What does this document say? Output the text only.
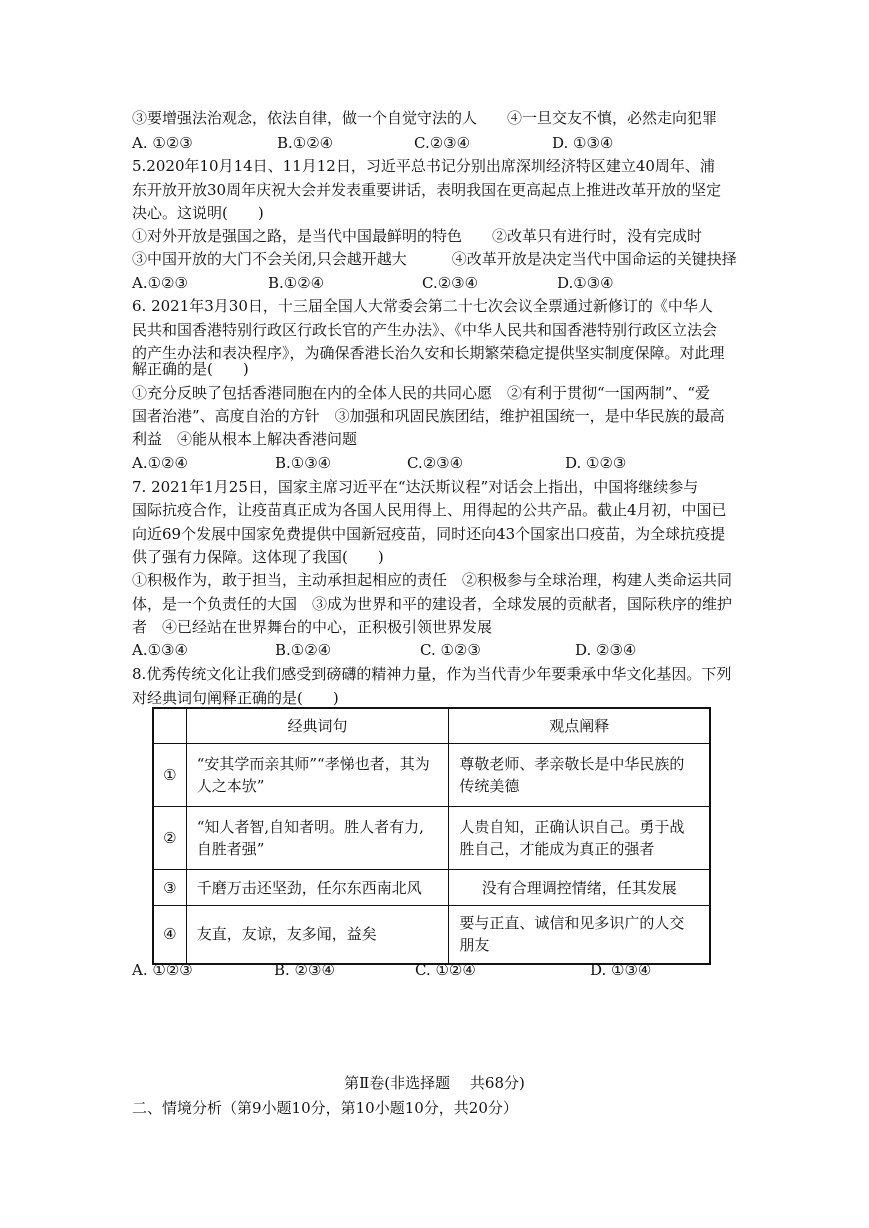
③要增强法治观念，依法自律，做一个自觉守法的人　　④一旦交友不慎，必然走向犯罪
A. ①②③	B.①②④	C.②③④	D. ①③④
5.2020年10月14日、11月12日，习近平总书记分别出席深圳经济特区建立40周年、浦
东开放开放30周年庆祝大会并发表重要讲话，表明我国在更高起点上推进改革开放的坚定
决心。这说明(　　)
①对外开放是强国之路，是当代中国最鲜明的特色　　②改革只有进行时，没有完成时
③中国开放的大门不会关闭,只会越开越大　　　④改革开放是决定当代中国命运的关键抉择
A.①②③	B.①②④	C.②③④	D.①③④
6. 2021年3月30日，十三届全国人大常委会第二十七次会议全票通过新修订的《中华人
民共和国香港特别行政区行政长官的产生办法》、《中华人民共和国香港特别行政区立法会
的产生办法和表决程序》，为确保香港长治久安和长期繁荣稳定提供坚实制度保障。对此理
解正确的是(　　)
①充分反映了包括香港同胞在内的全体人民的共同心愿　②有利于贯彻“一国两制”、“爱
国者治港”、高度自治的方针　③加强和巩固民族团结，维护祖国统一，是中华民族的最高
利益　④能从根本上解决香港问题
A.①②④	B.①③④	C.②③④	D. ①②③
7. 2021年1月25日，国家主席习近平在“达沃斯议程”对话会上指出，中国将继续参与
国际抗疫合作，让疫苗真正成为各国人民用得上、用得起的公共产品。截止4月初，中国已
向近69个发展中国家免费提供中国新冠疫苗，同时还向43个国家出口疫苗，为全球抗疫提
供了强有力保障。这体现了我国(　　)
①积极作为，敢于担当，主动承担起相应的责任　②积极参与全球治理，构建人类命运共同
体，是一个负责任的大国　③成为世界和平的建设者，全球发展的贡献者，国际秩序的维护
者　④已经站在世界舞台的中心，正积极引领世界发展
A.①③④	B.①②④	C. ①②③	D. ②③④
8.优秀传统文化让我们感受到磅礴的精神力量，作为当代青少年要秉承中华文化基因。下列
对经典词句阐释正确的是(　　)
	经典词句	观点阐释
①	“安其学而亲其师”“孝悌也者，其为人之本欤”	尊敬老师、孝亲敬长是中华民族的传统美德
②	“知人者智,自知者明。胜人者有力,自胜者强”	人贵自知，正确认识自己。勇于战胜自己，才能成为真正的强者
③	千磨万击还坚劲，任尔东西南北风	没有合理调控情绪，任其发展
④	友直，友谅，友多闻，益矣	要与正直、诚信和见多识广的人交朋友
A. ①②③	B. ②③④	C. ①②④	D. ①③④
第Ⅱ卷(非选择题　 共68分)
二、情境分析（第9小题10分，第10小题10分，共20分）
